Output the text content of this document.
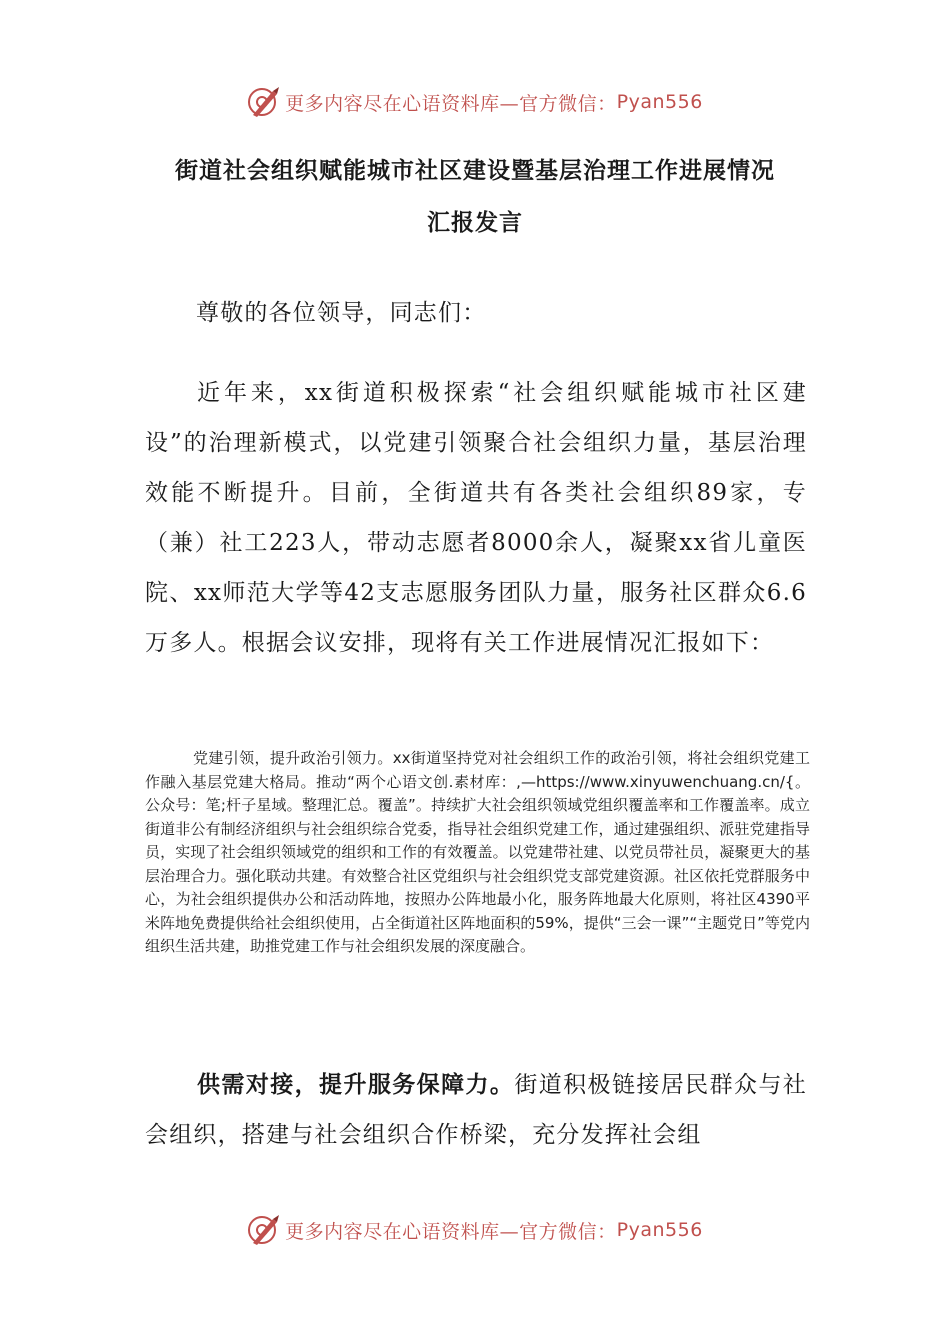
更多内容尽在心语资料库—官方微信： Pyan556
街道社会组织赋能城市社区建设暨基层治理工作进展情况
汇报发言

尊敬的各位领导，同志们：

近年来，xx街道积极探索“社会组织赋能城市社区建设”的治理新模式，以党建引领聚合社会组织力量，基层治理效能不断提升。目前，全街道共有各类社会组织89家，专（兼）社工223人，带动志愿者8000余人，凝聚xx省儿童医院、xx师范大学等42支志愿服务团队力量，服务社区群众6.6万多人。根据会议安排，现将有关工作进展情况汇报如下：

党建引领，提升政治引领力。xx街道坚持党对社会组织工作的政治引领，将社会组织党建工作融入基层党建大格局。推动“两个心语文创.素材库：,—https://www.xinyuwenchuang.cn/{。公众号：笔;杆子星域。整理汇总。覆盖”。持续扩大社会组织领域党组织覆盖率和工作覆盖率。成立街道非公有制经济组织与社会组织综合党委，指导社会组织党建工作，通过建强组织、派驻党建指导员，实现了社会组织领域党的组织和工作的有效覆盖。以党建带社建、以党员带社员，凝聚更大的基层治理合力。强化联动共建。有效整合社区党组织与社会组织党支部党建资源。社区依托党群服务中心，为社会组织提供办公和活动阵地，按照办公阵地最小化，服务阵地最大化原则，将社区4390平米阵地免费提供给社会组织使用，占全街道社区阵地面积的59%，提供“三会一课”“主题党日”等党内组织生活共建，助推党建工作与社会组织发展的深度融合。

供需对接，提升服务保障力。街道积极链接居民群众与社会组织，搭建与社会组织合作桥梁，充分发挥社会组

更多内容尽在心语资料库—官方微信： Pyan556
